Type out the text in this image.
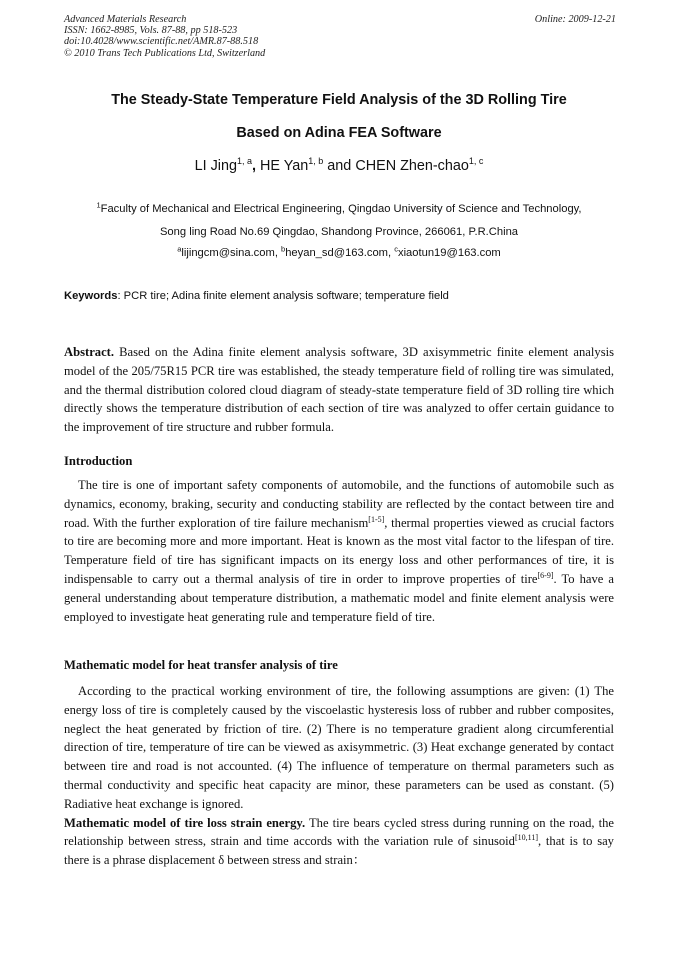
Advanced Materials Research
ISSN: 1662-8985, Vols. 87-88, pp 518-523
doi:10.4028/www.scientific.net/AMR.87-88.518
© 2010 Trans Tech Publications Ltd, Switzerland
Online: 2009-12-21
The Steady-State Temperature Field Analysis of the 3D Rolling Tire
Based on Adina FEA Software
LI Jing$^{1, a}$, HE Yan$^{1, b}$ and CHEN Zhen-chao$^{1, c}$
$^1$Faculty of Mechanical and Electrical Engineering, Qingdao University of Science and Technology,
Song ling Road No.69 Qingdao, Shandong Province, 266061, P.R.China
$^a$lijingcm@sina.com, $^b$heyan_sd@163.com, $^c$xiaotun19@163.com
Keywords: PCR tire; Adina finite element analysis software; temperature field

Abstract. Based on the Adina finite element analysis software, 3D axisymmetric finite element analysis model of the 205/75R15 PCR tire was established, the steady temperature field of rolling tire was simulated, and the thermal distribution colored cloud diagram of steady-state temperature field of 3D rolling tire which directly shows the temperature distribution of each section of tire was analyzed to offer certain guidance to the improvement of tire structure and rubber formula.

Introduction

The tire is one of important safety components of automobile, and the functions of automobile such as dynamics, economy, braking, security and conducting stability are reflected by the contact between tire and road. With the further exploration of tire failure mechanism[1-5], thermal properties viewed as crucial factors to tire are becoming more and more important. Heat is known as the most vital factor to the lifespan of tire. Temperature field of tire has significant impacts on its energy loss and other performances of tire, it is indispensable to carry out a thermal analysis of tire in order to improve properties of tire[6-9]. To have a general understanding about temperature distribution, a mathematic model and finite element analysis were employed to investigate heat generating rule and temperature field of tire.

Mathematic model for heat transfer analysis of tire

According to the practical working environment of tire, the following assumptions are given: (1) The energy loss of tire is completely caused by the viscoelastic hysteresis loss of rubber and rubber composites, neglect the heat generated by friction of tire. (2) There is no temperature gradient along circumferential direction of tire, temperature of tire can be viewed as axisymmetric. (3) Heat exchange generated by contact between tire and road is not accounted. (4) The influence of temperature on thermal parameters such as thermal conductivity and specific heat capacity are minor, these parameters can be used as constant. (5) Radiative heat exchange is ignored.

Mathematic model of tire loss strain energy. The tire bears cycled stress during running on the road, the relationship between stress, strain and time accords with the variation rule of sinusoid[10,11], that is to say there is a phrase displacement δ between stress and strain：
